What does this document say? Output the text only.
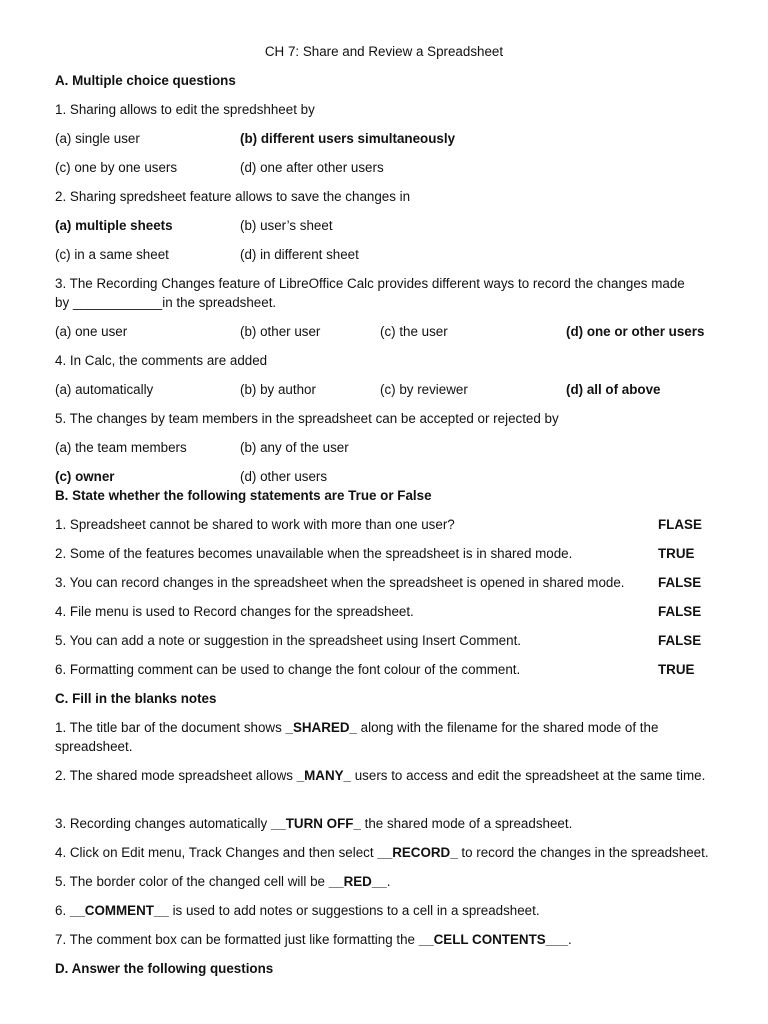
CH 7: Share and Review a Spreadsheet
A. Multiple choice questions
1. Sharing allows to edit the spredshheet by
(a) single user	(b) different users simultaneously
(c) one by one users	(d) one after other users
2. Sharing spredsheet feature allows to save the changes in
(a) multiple sheets	(b) user’s sheet
(c) in a same sheet	(d) in different sheet
3. The Recording Changes feature of LibreOffice Calc provides different ways to record the changes made
by ____________in the spreadsheet.
(a) one user	(b) other user	(c) the user	(d) one or other users
4. In Calc, the comments are added
(a) automatically	(b) by author	(c) by reviewer	(d) all of above
5. The changes by team members in the spreadsheet can be accepted or rejected by
(a) the team members	(b) any of the user
(c) owner	(d) other users
B. State whether the following statements are True or False
1. Spreadsheet cannot be shared to work with more than one user?	FLASE
2. Some of the features becomes unavailable when the spreadsheet is in shared mode.	TRUE
3. You can record changes in the spreadsheet when the spreadsheet is opened in shared mode.	FALSE
4. File menu is used to Record changes for the spreadsheet.	FALSE
5. You can add a note or suggestion in the spreadsheet using Insert Comment.	FALSE
6. Formatting comment can be used to change the font colour of the comment.	TRUE
C. Fill in the blanks notes
1. The title bar of the document shows _SHARED_ along with the filename for the shared mode of the spreadsheet.
2. The shared mode spreadsheet allows _MANY_ users to access and edit the spreadsheet at the same time.
3. Recording changes automatically __TURN OFF_ the shared mode of a spreadsheet.
4. Click on Edit menu, Track Changes and then select __RECORD_ to record the changes in the spreadsheet.
5. The border color of the changed cell will be __RED__.
6. __COMMENT__ is used to add notes or suggestions to a cell in a spreadsheet.
7. The comment box can be formatted just like formatting the __CELL CONTENTS___.
D. Answer the following questions
